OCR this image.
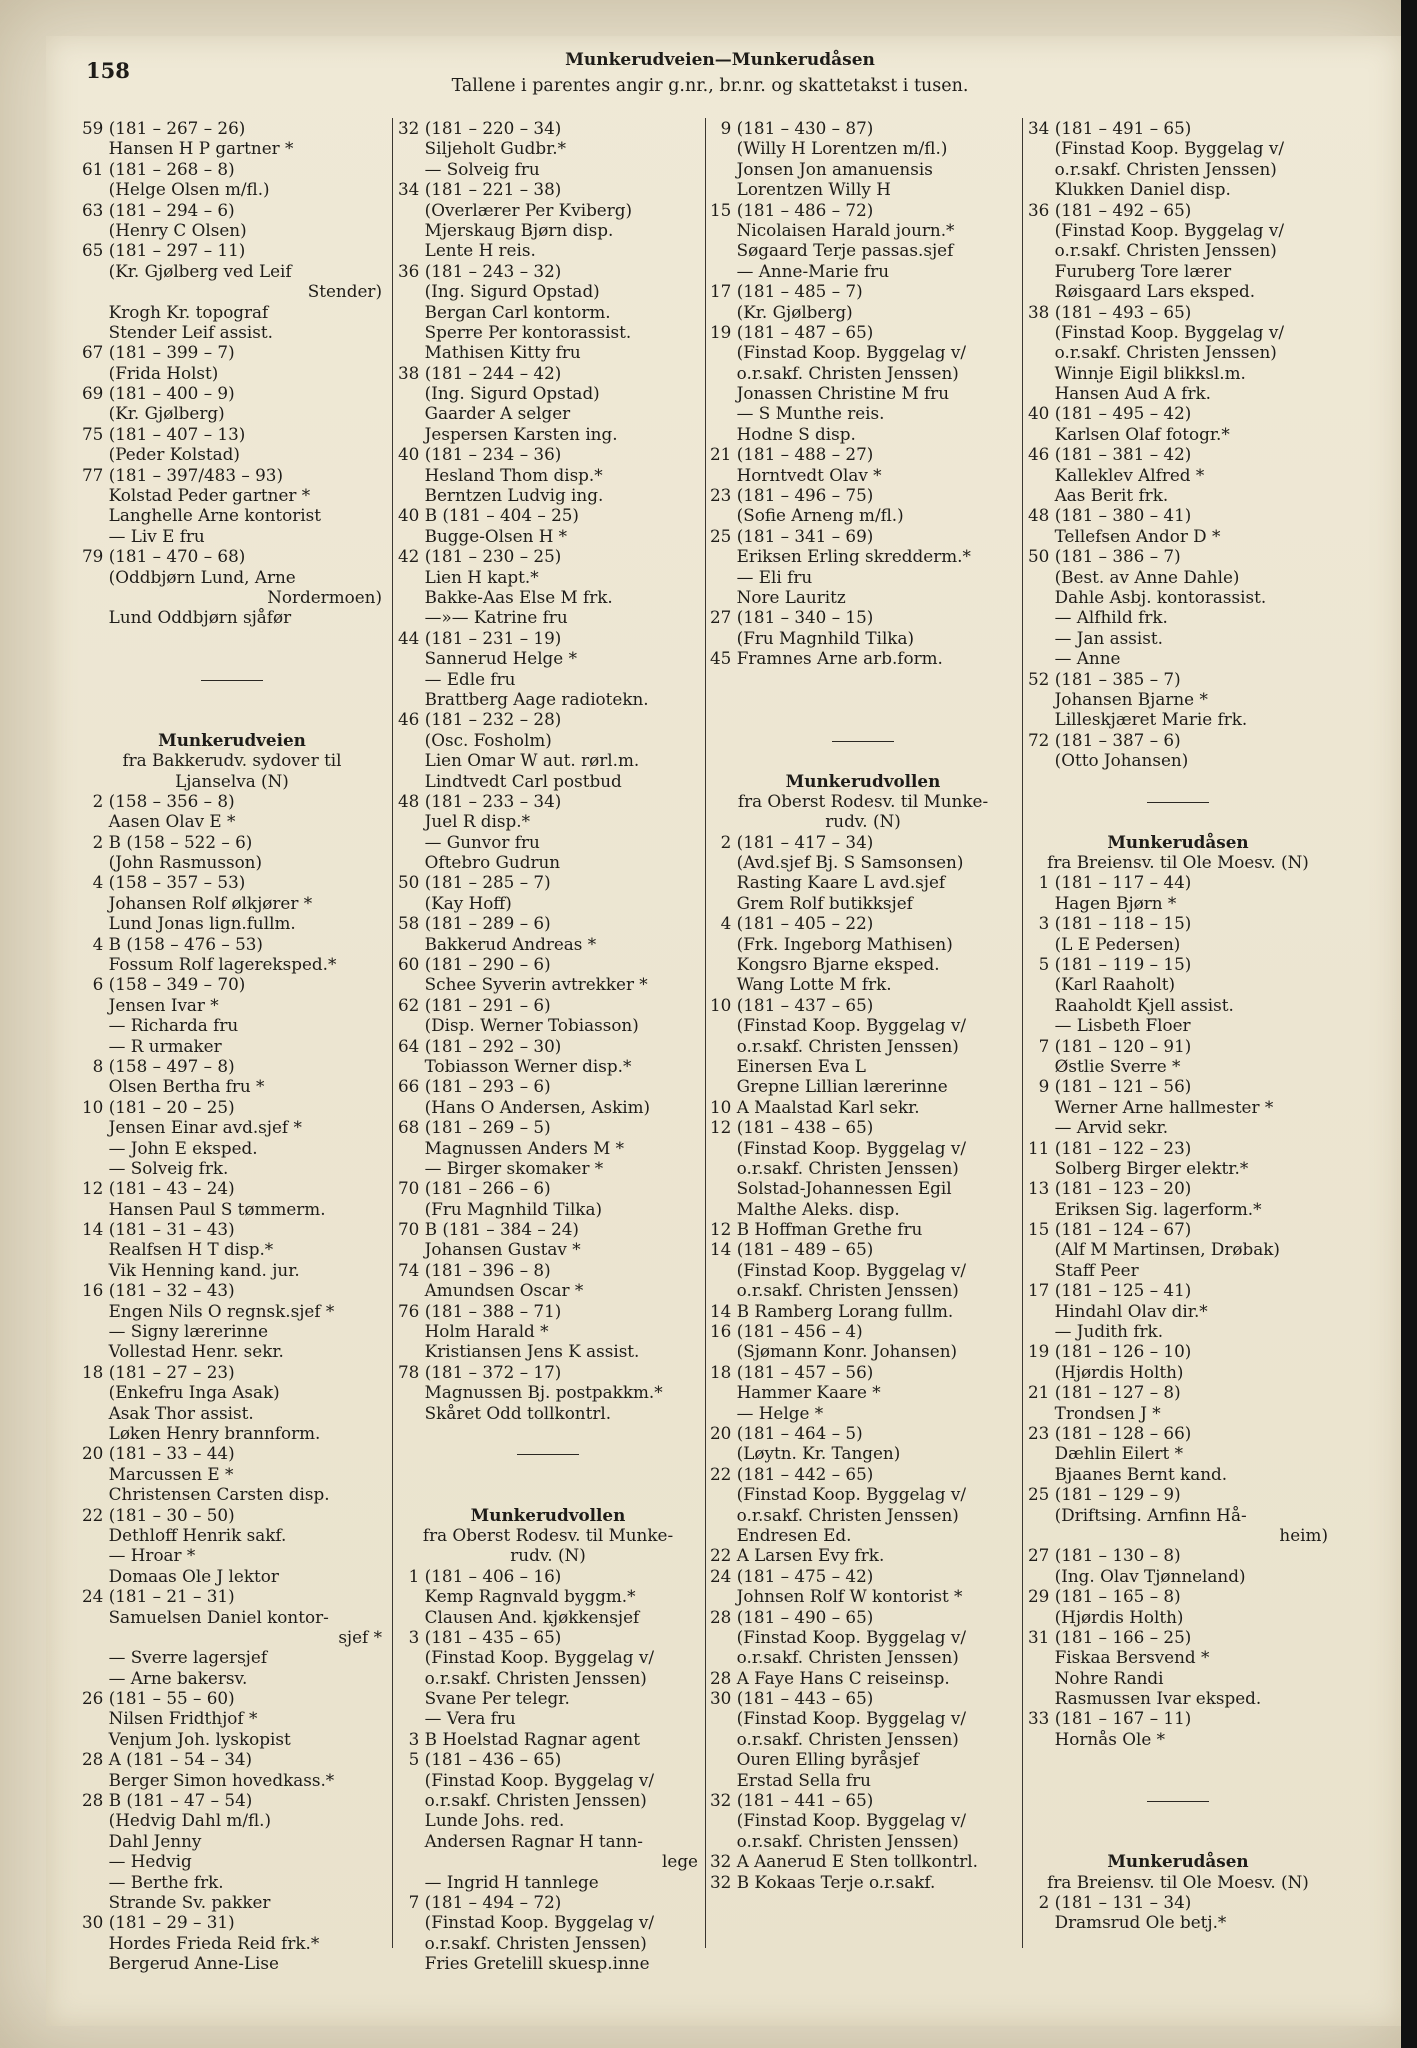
158	Munkerudveien—Munkerudåsen
Tallene i parentes angir g.nr., br.nr. og skattetakst i tusen.
59 (181 – 267 – 26)
Hansen H P gartner *
61 (181 – 268 – 8)
(Helge Olsen m/fl.)
63 (181 – 294 – 6)
(Henry C Olsen)
65 (181 – 297 – 11)
(Kr. Gjølberg ved Leif
Stender)
Krogh Kr. topograf
Stender Leif assist.
67 (181 – 399 – 7)
(Frida Holst)
69 (181 – 400 – 9)
(Kr. Gjølberg)
75 (181 – 407 – 13)
(Peder Kolstad)
77 (181 – 397/483 – 93)
Kolstad Peder gartner *
Langhelle Arne kontorist
— Liv E fru
79 (181 – 470 – 68)
(Oddbjørn Lund, Arne
Nordermoen)
Lund Oddbjørn sjåfør
Munkerudveien
fra Bakkerudv. sydover til
Ljanselva (N)
2 (158 – 356 – 8)
Aasen Olav E *
2 B (158 – 522 – 6)
(John Rasmusson)
4 (158 – 357 – 53)
Johansen Rolf ølkjører *
Lund Jonas lign.fullm.
4 B (158 – 476 – 53)
Fossum Rolf lagereksped.*
6 (158 – 349 – 70)
Jensen Ivar *
— Richarda fru
— R urmaker
8 (158 – 497 – 8)
Olsen Bertha fru *
10 (181 – 20 – 25)
Jensen Einar avd.sjef *
— John E eksped.
— Solveig frk.
12 (181 – 43 – 24)
Hansen Paul S tømmerm.
14 (181 – 31 – 43)
Realfsen H T disp.*
Vik Henning kand. jur.
16 (181 – 32 – 43)
Engen Nils O regnsk.sjef *
— Signy lærerinne
Vollestad Henr. sekr.
18 (181 – 27 – 23)
(Enkefru Inga Asak)
Asak Thor assist.
Løken Henry brannform.
20 (181 – 33 – 44)
Marcussen E *
Christensen Carsten disp.
22 (181 – 30 – 50)
Dethloff Henrik sakf.
— Hroar *
Domaas Ole J lektor
24 (181 – 21 – 31)
Samuelsen Daniel kontor-
sjef *
— Sverre lagersjef
— Arne bakersv.
26 (181 – 55 – 60)
Nilsen Fridthjof *
Venjum Joh. lyskopist
28 A (181 – 54 – 34)
Berger Simon hovedkass.*
28 B (181 – 47 – 54)
(Hedvig Dahl m/fl.)
Dahl Jenny
— Hedvig
— Berthe frk.
Strande Sv. pakker
30 (181 – 29 – 31)
Hordes Frieda Reid frk.*
Bergerud Anne-Lise
32 (181 – 220 – 34)
Siljeholt Gudbr.*
— Solveig fru
34 (181 – 221 – 38)
(Overlærer Per Kviberg)
Mjerskaug Bjørn disp.
Lente H reis.
36 (181 – 243 – 32)
(Ing. Sigurd Opstad)
Bergan Carl kontorm.
Sperre Per kontorassist.
Mathisen Kitty fru
38 (181 – 244 – 42)
(Ing. Sigurd Opstad)
Gaarder A selger
Jespersen Karsten ing.
40 (181 – 234 – 36)
Hesland Thom disp.*
Berntzen Ludvig ing.
40 B (181 – 404 – 25)
Bugge-Olsen H *
42 (181 – 230 – 25)
Lien H kapt.*
Bakke-Aas Else M frk.
—»— Katrine fru
44 (181 – 231 – 19)
Sannerud Helge *
— Edle fru
Brattberg Aage radiotekn.
46 (181 – 232 – 28)
(Osc. Fosholm)
Lien Omar W aut. rørl.m.
Lindtvedt Carl postbud
48 (181 – 233 – 34)
Juel R disp.*
— Gunvor fru
Oftebro Gudrun
50 (181 – 285 – 7)
(Kay Hoff)
58 (181 – 289 – 6)
Bakkerud Andreas *
60 (181 – 290 – 6)
Schee Syverin avtrekker *
62 (181 – 291 – 6)
(Disp. Werner Tobiasson)
64 (181 – 292 – 30)
Tobiasson Werner disp.*
66 (181 – 293 – 6)
(Hans O Andersen, Askim)
68 (181 – 269 – 5)
Magnussen Anders M *
— Birger skomaker *
70 (181 – 266 – 6)
(Fru Magnhild Tilka)
70 B (181 – 384 – 24)
Johansen Gustav *
74 (181 – 396 – 8)
Amundsen Oscar *
76 (181 – 388 – 71)
Holm Harald *
Kristiansen Jens K assist.
78 (181 – 372 – 17)
Magnussen Bj. postpakkm.*
Skåret Odd tollkontrl.
Munkerudvollen
fra Oberst Rodesv. til Munke-
rudv. (N)
1 (181 – 406 – 16)
Kemp Ragnvald byggm.*
Clausen And. kjøkkensjef
3 (181 – 435 – 65)
(Finstad Koop. Byggelag v/
o.r.sakf. Christen Jenssen)
Svane Per telegr.
— Vera fru
3 B Hoelstad Ragnar agent
5 (181 – 436 – 65)
(Finstad Koop. Byggelag v/
o.r.sakf. Christen Jenssen)
Lunde Johs. red.
Andersen Ragnar H tann-
lege
— Ingrid H tannlege
7 (181 – 494 – 72)
(Finstad Koop. Byggelag v/
o.r.sakf. Christen Jenssen)
Fries Gretelill skuesp.inne
9 (181 – 430 – 87)
(Willy H Lorentzen m/fl.)
Jonsen Jon amanuensis
Lorentzen Willy H
15 (181 – 486 – 72)
Nicolaisen Harald journ.*
Søgaard Terje passas.sjef
— Anne-Marie fru
17 (181 – 485 – 7)
(Kr. Gjølberg)
19 (181 – 487 – 65)
(Finstad Koop. Byggelag v/
o.r.sakf. Christen Jenssen)
Jonassen Christine M fru
— S Munthe reis.
Hodne S disp.
21 (181 – 488 – 27)
Horntvedt Olav *
23 (181 – 496 – 75)
(Sofie Arneng m/fl.)
25 (181 – 341 – 69)
Eriksen Erling skredderm.*
— Eli fru
Nore Lauritz
27 (181 – 340 – 15)
(Fru Magnhild Tilka)
45 Framnes Arne arb.form.
Munkerudvollen
fra Oberst Rodesv. til Munke-
rudv. (N)
2 (181 – 417 – 34)
(Avd.sjef Bj. S Samsonsen)
Rasting Kaare L avd.sjef
Grem Rolf butikksjef
4 (181 – 405 – 22)
(Frk. Ingeborg Mathisen)
Kongsro Bjarne eksped.
Wang Lotte M frk.
10 (181 – 437 – 65)
(Finstad Koop. Byggelag v/
o.r.sakf. Christen Jenssen)
Einersen Eva L
Grepne Lillian lærerinne
10 A Maalstad Karl sekr.
12 (181 – 438 – 65)
(Finstad Koop. Byggelag v/
o.r.sakf. Christen Jenssen)
Solstad-Johannessen Egil
Malthe Aleks. disp.
12 B Hoffman Grethe fru
14 (181 – 489 – 65)
(Finstad Koop. Byggelag v/
o.r.sakf. Christen Jenssen)
14 B Ramberg Lorang fullm.
16 (181 – 456 – 4)
(Sjømann Konr. Johansen)
18 (181 – 457 – 56)
Hammer Kaare *
— Helge *
20 (181 – 464 – 5)
(Løytn. Kr. Tangen)
22 (181 – 442 – 65)
(Finstad Koop. Byggelag v/
o.r.sakf. Christen Jenssen)
Endresen Ed.
22 A Larsen Evy frk.
24 (181 – 475 – 42)
Johnsen Rolf W kontorist *
28 (181 – 490 – 65)
(Finstad Koop. Byggelag v/
o.r.sakf. Christen Jenssen)
28 A Faye Hans C reiseinsp.
30 (181 – 443 – 65)
(Finstad Koop. Byggelag v/
o.r.sakf. Christen Jenssen)
Ouren Elling byråsjef
Erstad Sella fru
32 (181 – 441 – 65)
(Finstad Koop. Byggelag v/
o.r.sakf. Christen Jenssen)
32 A Aanerud E Sten tollkontrl.
32 B Kokaas Terje o.r.sakf.
34 (181 – 491 – 65)
(Finstad Koop. Byggelag v/
o.r.sakf. Christen Jenssen)
Klukken Daniel disp.
36 (181 – 492 – 65)
(Finstad Koop. Byggelag v/
o.r.sakf. Christen Jenssen)
Furuberg Tore lærer
Røisgaard Lars eksped.
38 (181 – 493 – 65)
(Finstad Koop. Byggelag v/
o.r.sakf. Christen Jenssen)
Winnje Eigil blikksl.m.
Hansen Aud A frk.
40 (181 – 495 – 42)
Karlsen Olaf fotogr.*
46 (181 – 381 – 42)
Kalleklev Alfred *
Aas Berit frk.
48 (181 – 380 – 41)
Tellefsen Andor D *
50 (181 – 386 – 7)
(Best. av Anne Dahle)
Dahle Asbj. kontorassist.
— Alfhild frk.
— Jan assist.
— Anne
52 (181 – 385 – 7)
Johansen Bjarne *
Lilleskjæret Marie frk.
72 (181 – 387 – 6)
(Otto Johansen)
Munkerudåsen
fra Breiensv. til Ole Moesv. (N)
1 (181 – 117 – 44)
Hagen Bjørn *
3 (181 – 118 – 15)
(L E Pedersen)
5 (181 – 119 – 15)
(Karl Raaholt)
Raaholdt Kjell assist.
— Lisbeth Floer
7 (181 – 120 – 91)
Østlie Sverre *
9 (181 – 121 – 56)
Werner Arne hallmester *
— Arvid sekr.
11 (181 – 122 – 23)
Solberg Birger elektr.*
13 (181 – 123 – 20)
Eriksen Sig. lagerform.*
15 (181 – 124 – 67)
(Alf M Martinsen, Drøbak)
Staff Peer
17 (181 – 125 – 41)
Hindahl Olav dir.*
— Judith frk.
19 (181 – 126 – 10)
(Hjørdis Holth)
21 (181 – 127 – 8)
Trondsen J *
23 (181 – 128 – 66)
Dæhlin Eilert *
Bjaanes Bernt kand.
25 (181 – 129 – 9)
(Driftsing. Arnfinn Hå-
heim)
27 (181 – 130 – 8)
(Ing. Olav Tjønneland)
29 (181 – 165 – 8)
(Hjørdis Holth)
31 (181 – 166 – 25)
Fiskaa Bersvend *
Nohre Randi
Rasmussen Ivar eksped.
33 (181 – 167 – 11)
Hornås Ole *
Munkerudåsen
fra Breiensv. til Ole Moesv. (N)
2 (181 – 131 – 34)
Dramsrud Ole betj.*
